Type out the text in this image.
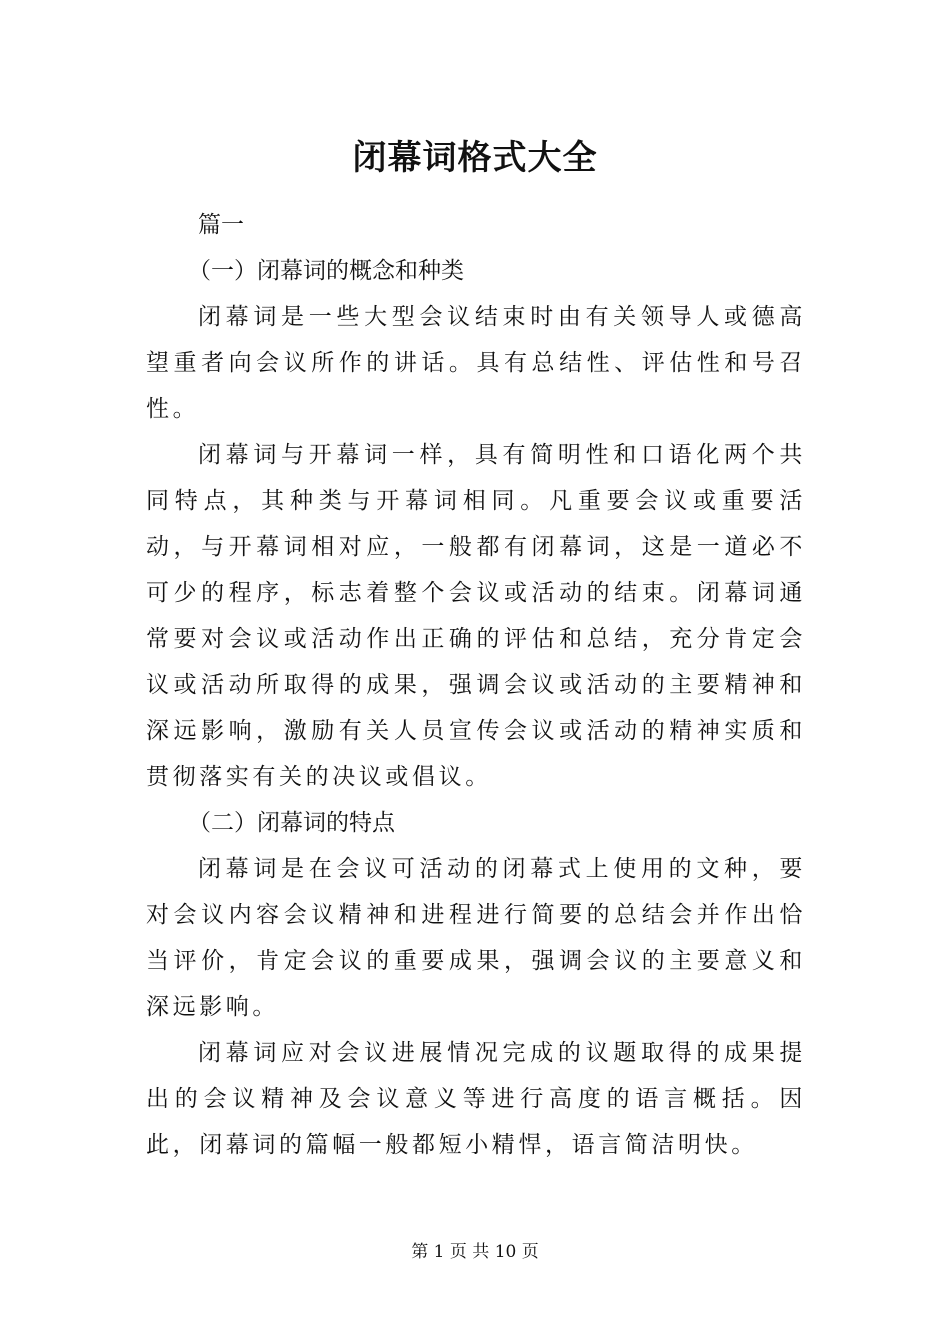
闭幕词格式大全

篇一

（一）闭幕词的概念和种类

闭幕词是一些大型会议结束时由有关领导人或德高望重者向会议所作的讲话。具有总结性、评估性和号召性。

闭幕词与开幕词一样，具有简明性和口语化两个共同特点，其种类与开幕词相同。凡重要会议或重要活动，与开幕词相对应，一般都有闭幕词，这是一道必不可少的程序，标志着整个会议或活动的结束。闭幕词通常要对会议或活动作出正确的评估和总结，充分肯定会议或活动所取得的成果，强调会议或活动的主要精神和深远影响，激励有关人员宣传会议或活动的精神实质和贯彻落实有关的决议或倡议。

（二）闭幕词的特点

闭幕词是在会议可活动的闭幕式上使用的文种，要对会议内容会议精神和进程进行简要的总结会并作出恰当评价，肯定会议的重要成果，强调会议的主要意义和深远影响。

闭幕词应对会议进展情况完成的议题取得的成果提出的会议精神及会议意义等进行高度的语言概括。因此，闭幕词的篇幅一般都短小精悍，语言简洁明快。

第 1 页 共 10 页
